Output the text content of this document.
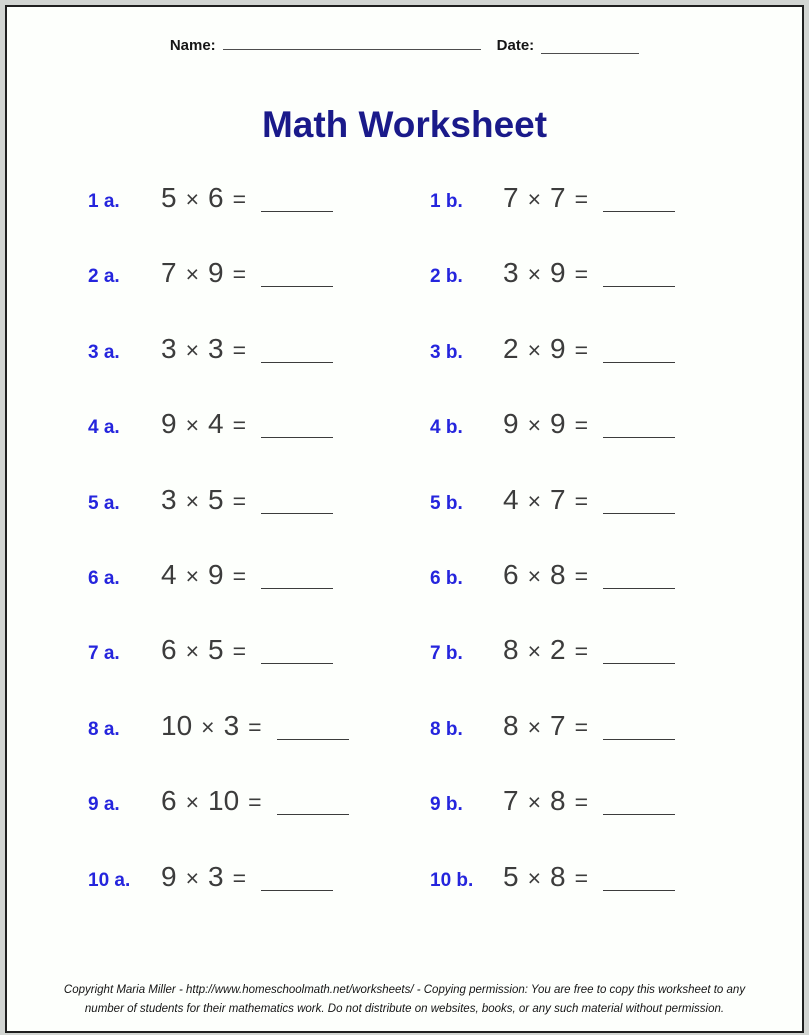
Name:	Date:
Math Worksheet
1 a. 5 × 6 =	1 b. 7 × 7 =
2 a. 7 × 9 =	2 b. 3 × 9 =
3 a. 3 × 3 =	3 b. 2 × 9 =
4 a. 9 × 4 =	4 b. 9 × 9 =
5 a. 3 × 5 =	5 b. 4 × 7 =
6 a. 4 × 9 =	6 b. 6 × 8 =
7 a. 6 × 5 =	7 b. 8 × 2 =
8 a. 10 × 3 =	8 b. 8 × 7 =
9 a. 6 × 10 =	9 b. 7 × 8 =
10 a. 9 × 3 =	10 b. 5 × 8 =
Copyright Maria Miller - http://www.homeschoolmath.net/worksheets/ - Copying permission: You are free to copy this worksheet to any
number of students for their mathematics work. Do not distribute on websites, books, or any such material without permission.
